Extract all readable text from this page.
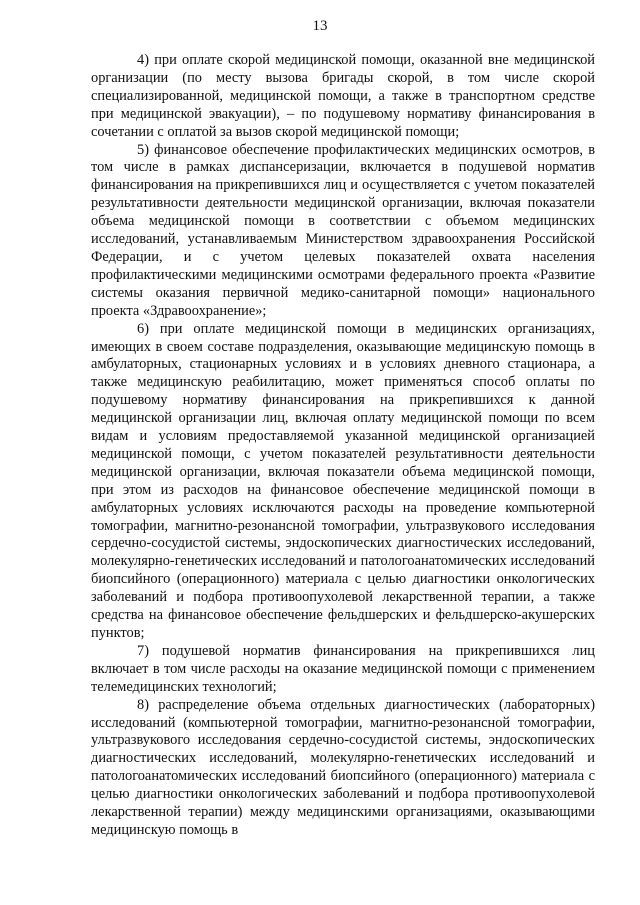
13

4) при оплате скорой медицинской помощи, оказанной вне медицинской организации (по месту вызова бригады скорой, в том числе скорой специализированной, медицинской помощи, а также в транспортном средстве при медицинской эвакуации), – по подушевому нормативу финансирования в сочетании с оплатой за вызов скорой медицинской помощи;

5) финансовое обеспечение профилактических медицинских осмотров, в том числе в рамках диспансеризации, включается в подушевой норматив финансирования на прикрепившихся лиц и осуществляется с учетом показателей результативности деятельности медицинской организации, включая показатели объема медицинской помощи в соответствии с объемом медицинских исследований, устанавливаемым Министерством здравоохранения Российской Федерации, и с учетом целевых показателей охвата населения профилактическими медицинскими осмотрами федерального проекта «Развитие системы оказания первичной медико-санитарной помощи» национального проекта «Здравоохранение»;

6) при оплате медицинской помощи в медицинских организациях, имеющих в своем составе подразделения, оказывающие медицинскую помощь в амбулаторных, стационарных условиях и в условиях дневного стационара, а также медицинскую реабилитацию, может применяться способ оплаты по подушевому нормативу финансирования на прикрепившихся к данной медицинской организации лиц, включая оплату медицинской помощи по всем видам и условиям предоставляемой указанной медицинской организацией медицинской помощи, с учетом показателей результативности деятельности медицинской организации, включая показатели объема медицинской помощи, при этом из расходов на финансовое обеспечение медицинской помощи в амбулаторных условиях исключаются расходы на проведение компьютерной томографии, магнитно-резонансной томографии, ультразвукового исследования сердечно-сосудистой системы, эндоскопических диагностических исследований, молекулярно-генетических исследований и патологоанатомических исследований биопсийного (операционного) материала с целью диагностики онкологических заболеваний и подбора противоопухолевой лекарственной терапии, а также средства на финансовое обеспечение фельдшерских и фельдшерско-акушерских пунктов;

7) подушевой норматив финансирования на прикрепившихся лиц включает в том числе расходы на оказание медицинской помощи с применением телемедицинских технологий;

8) распределение объема отдельных диагностических (лабораторных) исследований (компьютерной томографии, магнитно-резонансной томографии, ультразвукового исследования сердечно-сосудистой системы, эндоскопических диагностических исследований, молекулярно-генетических исследований и патологоанатомических исследований биопсийного (операционного) материала с целью диагностики онкологических заболеваний и подбора противоопухолевой лекарственной терапии) между медицинскими организациями, оказывающими медицинскую помощь в
